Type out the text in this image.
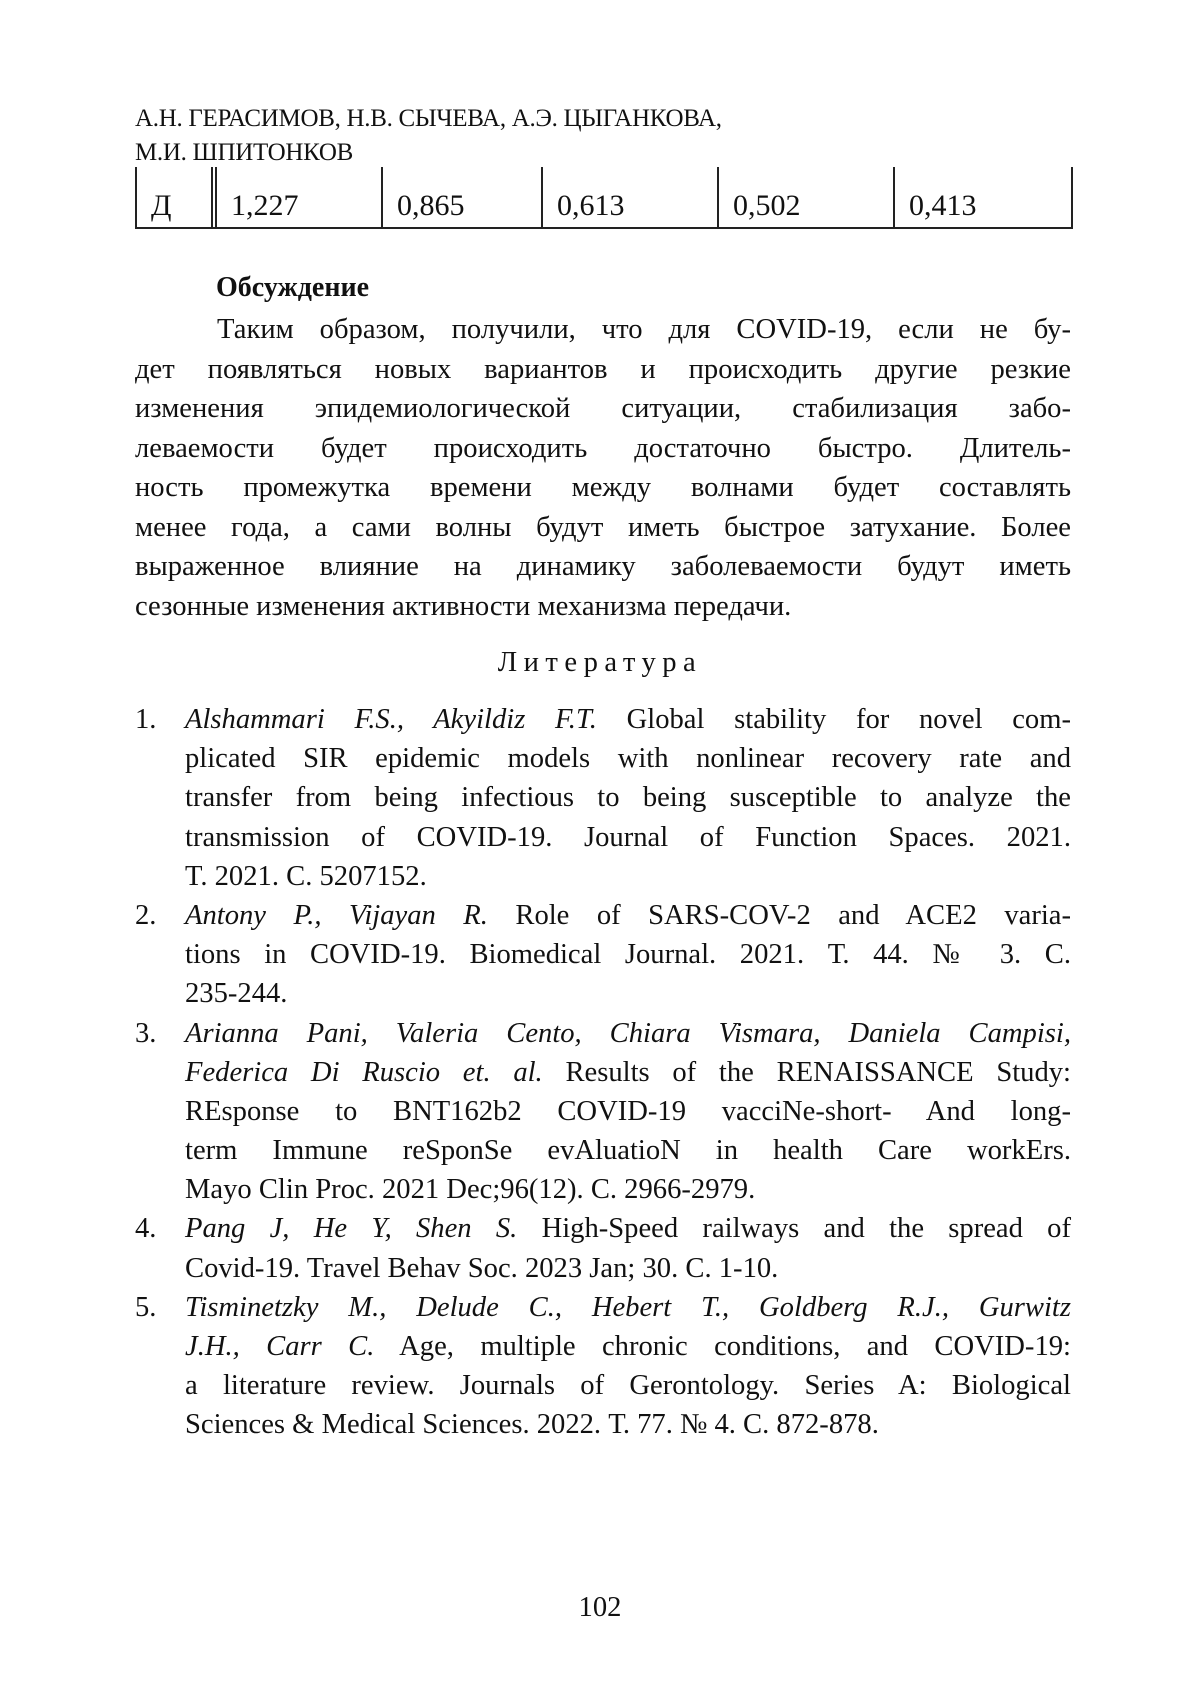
А.Н. ГЕРАСИМОВ, Н.В. СЫЧЕВА, А.Э. ЦЫГАНКОВА,
М.И. ШПИТОНКОВ
Д 1,227	0,865	0,613	0,502	0,413
Обсуждение
Таким образом, получили, что для COVID-19, если не бу-
дет появляться новых вариантов и происходить другие резкие
изменения эпидемиологической ситуации, стабилизация забо-
леваемости будет происходить достаточно быстро. Длитель-
ность промежутка времени между волнами будет составлять
менее года, а сами волны будут иметь быстрое затухание. Более
выраженное влияние на динамику заболеваемости будут иметь
сезонные изменения активности механизма передачи.
Литература
1. Alshammari F.S., Akyildiz F.T. Global stability for novel com-
plicated SIR epidemic models with nonlinear recovery rate and
transfer from being infectious to being susceptible to analyze the
transmission of COVID-19. Journal of Function Spaces. 2021.
T. 2021. С. 5207152.
2. Antony P., Vijayan R. Role of SARS-COV-2 and ACE2 varia-
tions in COVID-19. Biomedical Journal. 2021. Т. 44. № 3. С.
235-244.
3. Arianna Pani, Valeria Cento, Chiara Vismara, Daniela Campisi,
Federica Di Ruscio et. al. Results of the RENAISSANCE Study:
REsponse to BNT162b2 COVID-19 vacciNe-short- And long-
term Immune reSponSe evAluatioN in health Care workErs.
Mayo Clin Proc. 2021 Dec;96(12). С. 2966-2979.
4. Pang J, He Y, Shen S. High-Speed railways and the spread of
Covid-19. Travel Behav Soc. 2023 Jan; 30. С. 1-10.
5. Tisminetzky M., Delude C., Hebert T., Goldberg R.J., Gurwitz
J.H., Carr C. Age, multiple chronic conditions, and COVID-19:
a literature review. Journals of Gerontology. Series A: Biological
Sciences & Medical Sciences. 2022. Т. 77. № 4. С. 872-878.
102
